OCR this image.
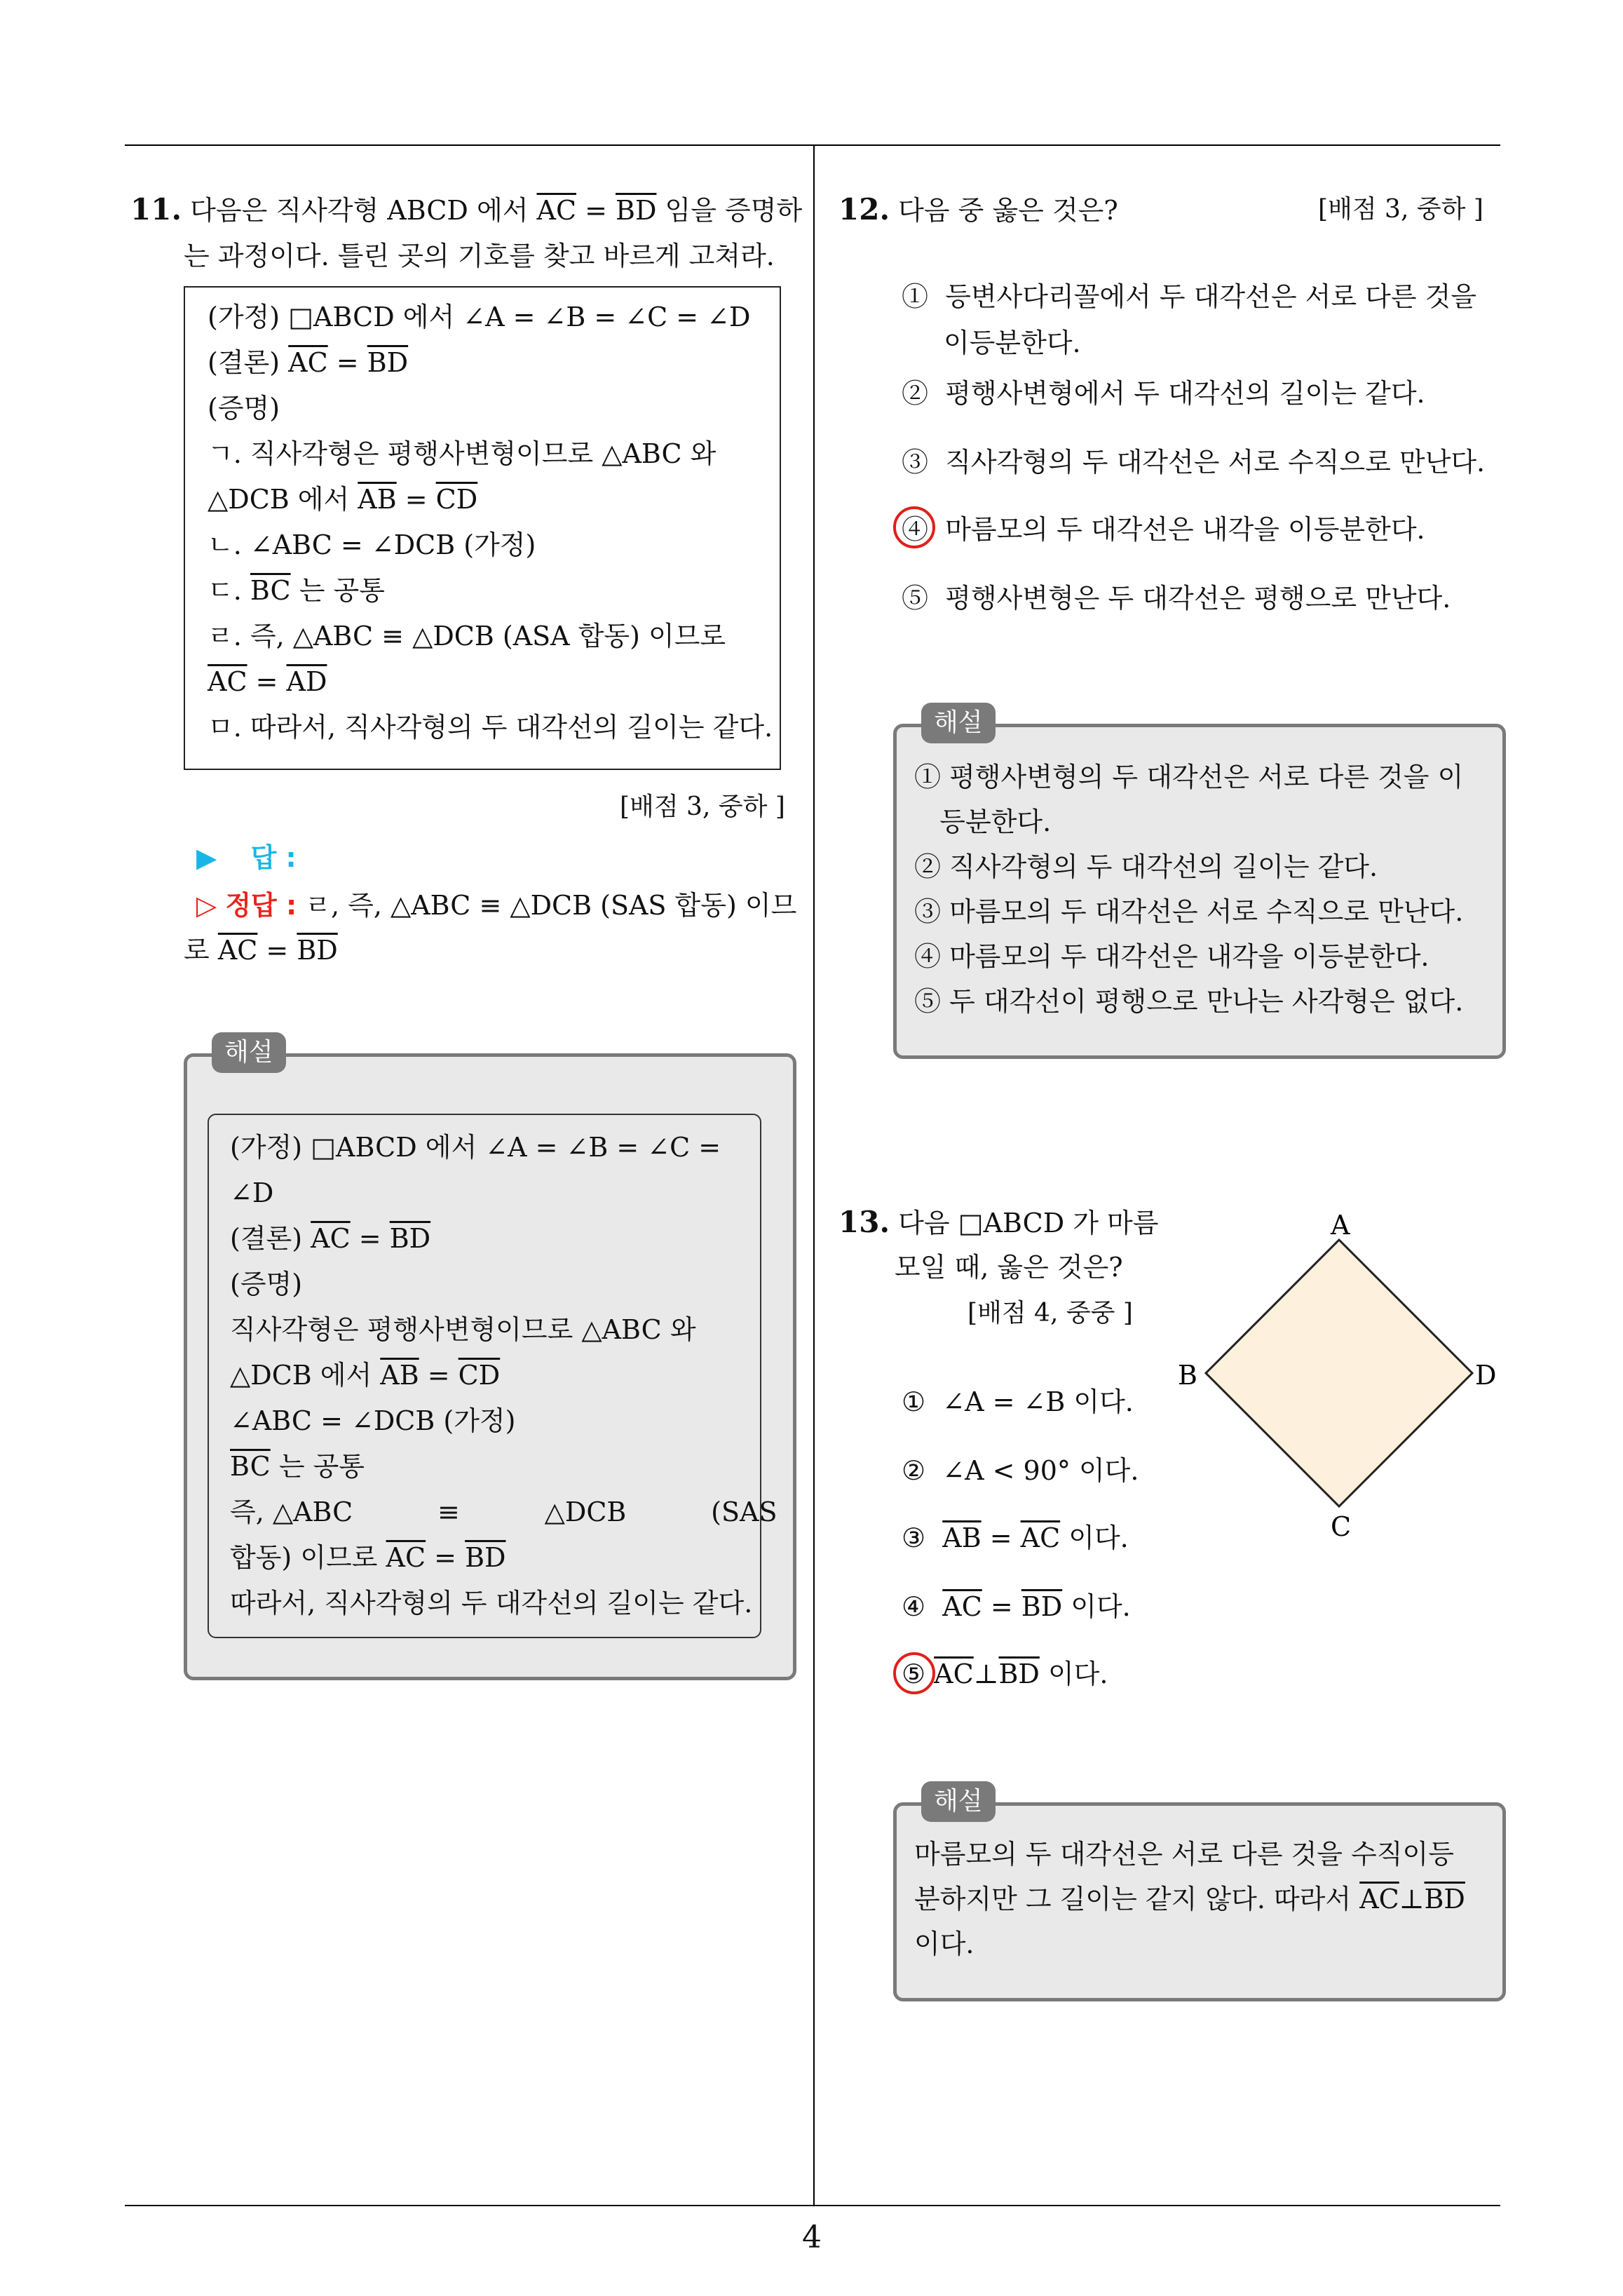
4
11. 다음은 직사각형 ABCD 에서 $\overline{AC} = \overline{BD}$ 임을 증명하
는 과정이다. 틀린 곳의 기호를 찾고 바르게 고쳐라.
(가정) □ABCD 에서 ∠A = ∠B = ∠C = ∠D
(결론) $\overline{AC} = \overline{BD}$
(증명)
ㄱ. 직사각형은 평행사변형이므로 △ABC 와
△DCB 에서 $\overline{AB} = \overline{CD}$
ㄴ. ∠ABC = ∠DCB (가정)
ㄷ. $\overline{BC}$ 는 공통
ㄹ. 즉, △ABC ≡ △DCB (ASA 합동) 이므로
$\overline{AC} = \overline{AD}$
ㅁ. 따라서, 직사각형의 두 대각선의 길이는 같다.
[배점 3, 중하 ]
▶ 답 :
▷ 정답 : ㄹ, 즉, △ABC ≡ △DCB (SAS 합동) 이므
로 $\overline{AC} = \overline{BD}$
해설
(가정) □ABCD 에서 ∠A = ∠B = ∠C =
∠D
(결론) $\overline{AC} = \overline{BD}$
(증명)
직사각형은 평행사변형이므로 △ABC 와
△DCB 에서 $\overline{AB} = \overline{CD}$
∠ABC = ∠DCB (가정)
$\overline{BC}$ 는 공통
즉, △ABC          ≡          △DCB          (SAS
합동) 이므로 $\overline{AC} = \overline{BD}$
따라서, 직사각형의 두 대각선의 길이는 같다.
12. 다음 중 옳은 것은?	[배점 3, 중하 ]
① 등변사다리꼴에서 두 대각선은 서로 다른 것을
이등분한다.
② 평행사변형에서 두 대각선의 길이는 같다.
③ 직사각형의 두 대각선은 서로 수직으로 만난다.
④ 마름모의 두 대각선은 내각을 이등분한다.
⑤ 평행사변형은 두 대각선은 평행으로 만난다.
해설
① 평행사변형의 두 대각선은 서로 다른 것을 이
등분한다.
② 직사각형의 두 대각선의 길이는 같다.
③ 마름모의 두 대각선은 서로 수직으로 만난다.
④ 마름모의 두 대각선은 내각을 이등분한다.
⑤ 두 대각선이 평행으로 만나는 사각형은 없다.
13. 다음 □ABCD 가 마름
모일 때, 옳은 것은?
[배점 4, 중중 ]
A
B
C
D
① ∠A = ∠B 이다.
② ∠A < 90° 이다.
③ $\overline{AB} = \overline{AC}$ 이다.
④ $\overline{AC} = \overline{BD}$ 이다.
⑤ $\overline{AC}\perp\overline{BD}$ 이다.
해설
마름모의 두 대각선은 서로 다른 것을 수직이등
분하지만 그 길이는 같지 않다. 따라서 $\overline{AC}\perp\overline{BD}$
이다.
